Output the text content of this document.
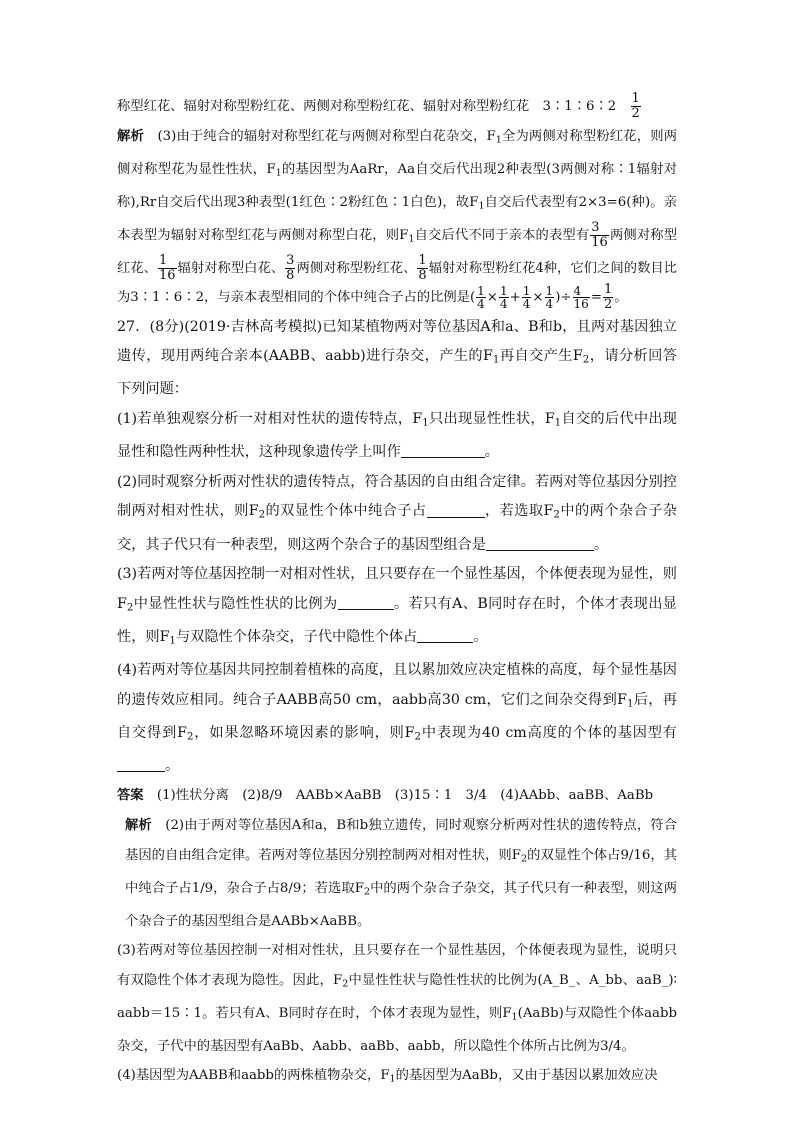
称型红花、辐射对称型粉红花、两侧对称型粉红花、辐射对称型粉红花　3∶1∶6∶2　 $\frac{1}{2}$

解析　 (3)由于纯合的辐射对称型红花与两侧对称型白花杂交，$F_1$全为两侧对称型粉红花，则两侧对称型花为显性性状，$F_1$的基因型为AaRr，Aa自交后代出现2种表型(3两侧对称∶1辐射对称),Rr自交后代出现3种表型(1红色∶2粉红色∶1白色)，故$F_1$自交后代表型有2×3=6(种)。亲本表型为辐射对称型红花与两侧对称型白花，则$F_1$自交后代不同于亲本的表型有 $\frac{3}{16}$ 两侧对称型红花、 $\frac{1}{16}$ 辐射对称型白花、 $\frac{3}{8}$ 两侧对称型粉红花、 $\frac{1}{8}$ 辐射对称型粉红花4种，它们之间的数目比为3∶1∶6∶2，与亲本表型相同的个体中纯合子占的比例是( $\frac{1}{4} \times \frac{1}{4} + \frac{1}{4} \times \frac{1}{4}$ )÷ $\frac{4}{16} = \frac{1}{2}$ 。

27．(8分)(2019·吉林高考模拟)已知某植物两对等位基因A和a、B和b，且两对基因独立遗传，现用两纯合亲本(AABB、aabb)进行杂交，产生的$F_1$再自交产生$F_2$，请分析回答下列问题：

(1)若单独观察分析一对相对性状的遗传特点，$F_1$只出现显性性状，$F_1$自交的后代中出现显性和隐性两种性状，这种现象遗传学上叫作	。

(2)同时观察分析两对性状的遗传特点，符合基因的自由组合定律。若两对等位基因分别控制两对相对性状，则$F_2$的双显性个体中纯合子占	，若选取$F_2$中的两个杂合子杂交，其子代只有一种表型，则这两个杂合子的基因型组合是	。

(3)若两对等位基因控制一对相对性状，且只要存在一个显性基因，个体便表现为显性，则$F_2$中显性性状与隐性性状的比例为	。若只有A、B同时存在时，个体才表现出显性，则$F_1$与双隐性个体杂交，子代中隐性个体占	。

(4)若两对等位基因共同控制着植株的高度，且以累加效应决定植株的高度，每个显性基因的遗传效应相同。纯合子AABB高50 cm，aabb高30 cm，它们之间杂交得到$F_1$后，再自交得到$F_2$，如果忽略环境因素的影响，则$F_2$中表现为40 cm高度的个体的基因型有。

答案　(1)性状分离　(2)8/9　AABb×AaBB　(3)15∶1　3/4　(4)AAbb、aaBB、AaBb

解析　(2)由于两对等位基因A和a，B和b独立遗传，同时观察分析两对性状的遗传特点，符合基因的自由组合定律。若两对等位基因分别控制两对相对性状，则$F_2$的双显性个体占9/16，其中纯合子占1/9，杂合子占8/9；若选取$F_2$中的两个杂合子杂交，其子代只有一种表型，则这两个杂合子的基因型组合是AABb×AaBB。

(3)若两对等位基因控制一对相对性状，且只要存在一个显性基因，个体便表现为显性，说明只有双隐性个体才表现为隐性。因此，$F_2$中显性性状与隐性性状的比例为(A_B_、A_bb、aaB_)∶aabb＝15∶1。若只有A、B同时存在时，个体才表现为显性，则$F_1(AaBb)$与双隐性个体aabb杂交，子代中的基因型有AaBb、Aabb、aaBb、aabb，所以隐性个体所占比例为3/4。

(4)基因型为AABB和aabb的两株植物杂交，$F_1$的基因型为AaBb，又由于基因以累加效应决
